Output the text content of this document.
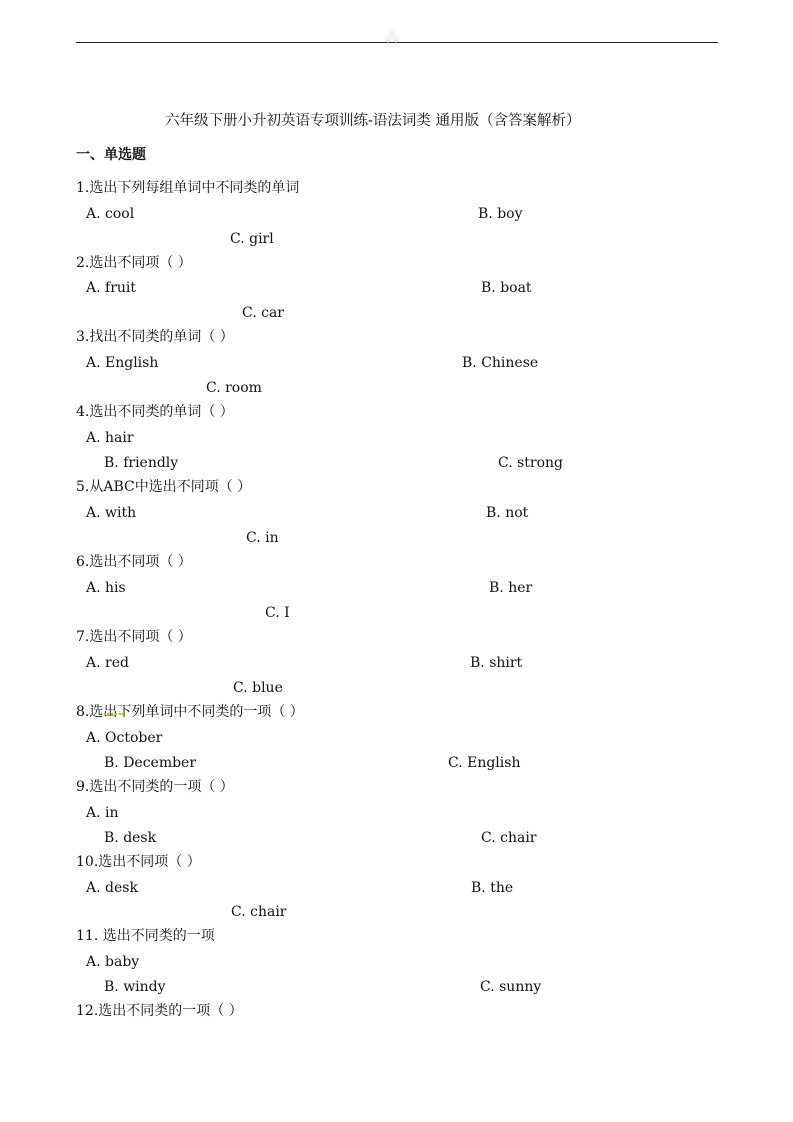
⁂
六年级下册小升初英语专项训练-语法词类 通用版（含答案解析）
一、单选题
1.选出下列每组单词中不同类的单词
A. cool	B. boy
C. girl
2.选出不同项（ ）
A. fruit	B. boat
C. car
3.找出不同类的单词（ ）
A. English	B. Chinese
C. room
4.选出不同类的单词（ ）
A. hair
B. friendly	C. strong
5.从ABC中选出不同项（ ）
A. with	B. not
C. in
6.选出不同项（ ）
A. his	B. her
C. I
7.选出不同项（ ）
A. red	B. shirt
C. blue
8.选出下列单词中不同类的一项（ ）
A. October
B. December	C. English
9.选出不同类的一项（ ）
A. in
B. desk	C. chair
10.选出不同项（ ）
A. desk	B. the
C. chair
11. 选出不同类的一项
A. baby
B. windy	C. sunny
12.选出不同类的一项（ ）
